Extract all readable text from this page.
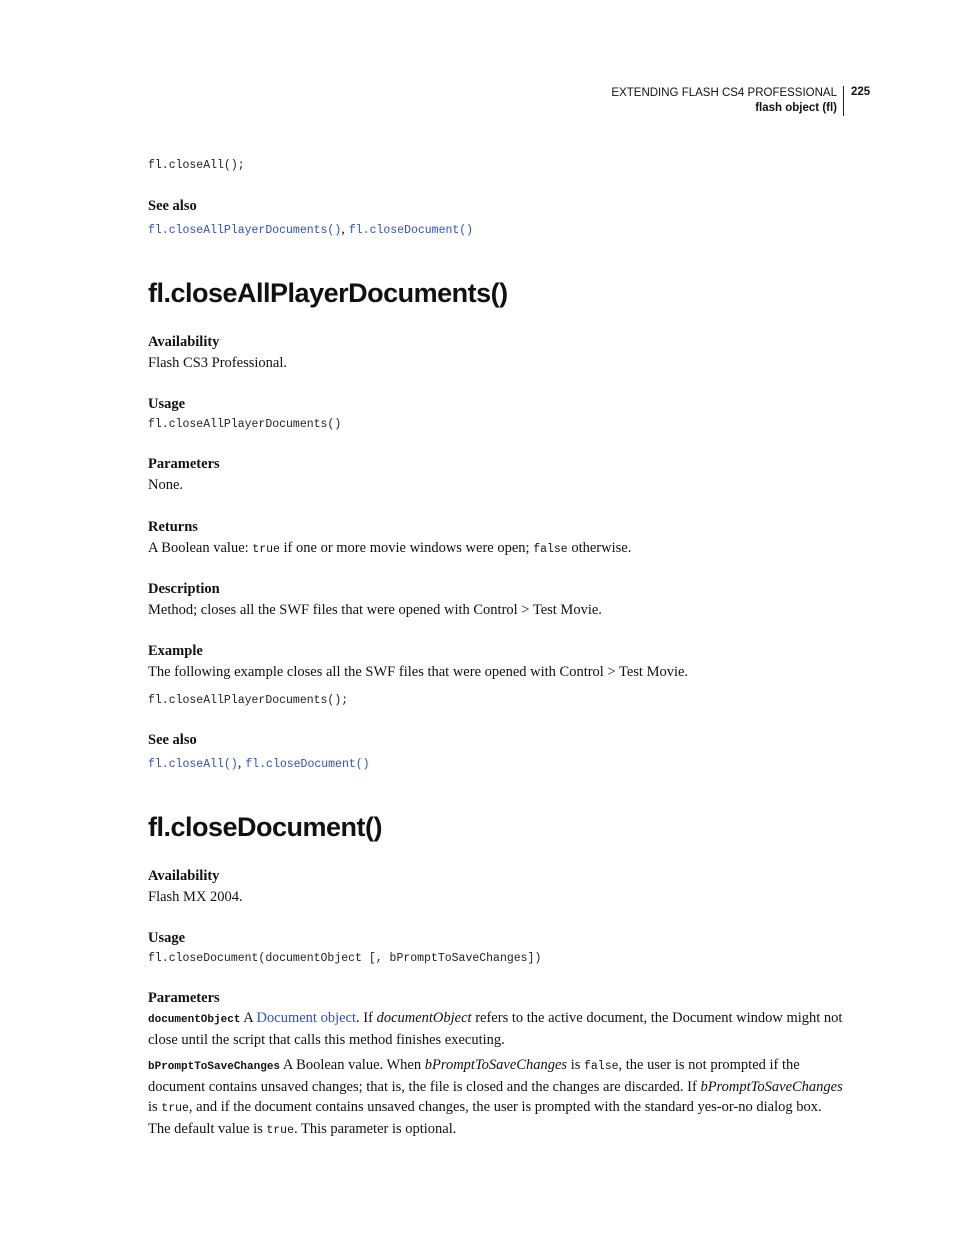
EXTENDING FLASH CS4 PROFESSIONAL
flash object (fl)
225
fl.closeAll();
See also
fl.closeAllPlayerDocuments(), fl.closeDocument()
fl.closeAllPlayerDocuments()
Availability
Flash CS3 Professional.
Usage
fl.closeAllPlayerDocuments()
Parameters
None.
Returns
A Boolean value: true if one or more movie windows were open; false otherwise.
Description
Method; closes all the SWF files that were opened with Control > Test Movie.
Example
The following example closes all the SWF files that were opened with Control > Test Movie.
fl.closeAllPlayerDocuments();
See also
fl.closeAll(), fl.closeDocument()
fl.closeDocument()
Availability
Flash MX 2004.
Usage
fl.closeDocument(documentObject [, bPromptToSaveChanges])
Parameters
documentObject A Document object. If documentObject refers to the active document, the Document window might not close until the script that calls this method finishes executing.
bPromptToSaveChanges A Boolean value. When bPromptToSaveChanges is false, the user is not prompted if the document contains unsaved changes; that is, the file is closed and the changes are discarded. If bPromptToSaveChanges is true, and if the document contains unsaved changes, the user is prompted with the standard yes-or-no dialog box. The default value is true. This parameter is optional.
